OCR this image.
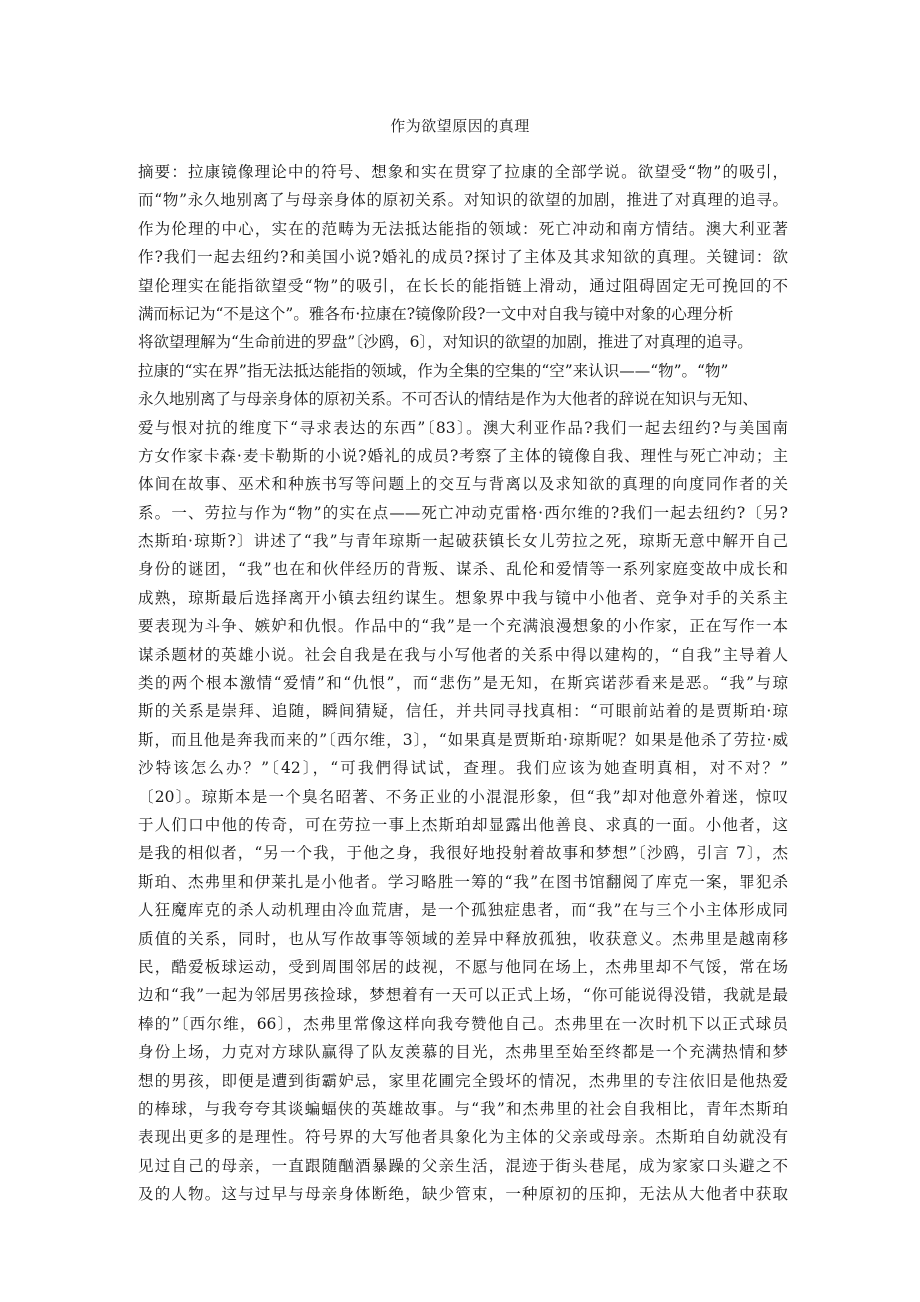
作为欲望原因的真理
摘要：拉康镜像理论中的符号、想象和实在贯穿了拉康的全部学说。欲望受“物”的吸引，
而“物”永久地别离了与母亲身体的原初关系。对知识的欲望的加剧，推进了对真理的追寻。
作为伦理的中心，实在的范畴为无法抵达能指的领域：死亡冲动和南方情结。澳大利亚著
作?我们一起去纽约?和美国小说?婚礼的成员?探讨了主体及其求知欲的真理。关键词：欲
望伦理实在能指欲望受“物”的吸引，在长长的能指链上滑动，通过阻碍固定无可挽回的不
满而标记为“不是这个”。雅各布·拉康在?镜像阶段?一文中对自我与镜中对象的心理分析
将欲望理解为“生命前进的罗盘”〔沙鸥，6〕，对知识的欲望的加剧，推进了对真理的追寻。
拉康的“实在界”指无法抵达能指的领域，作为全集的空集的“空”来认识——“物”。“物”
永久地别离了与母亲身体的原初关系。不可否认的情结是作为大他者的辞说在知识与无知、
爱与恨对抗的维度下“寻求表达的东西”〔83〕。澳大利亚作品?我们一起去纽约?与美国南
方女作家卡森·麦卡勒斯的小说?婚礼的成员?考察了主体的镜像自我、理性与死亡冲动；主
体间在故事、巫术和种族书写等问题上的交互与背离以及求知欲的真理的向度同作者的关
系。一、劳拉与作为“物”的实在点——死亡冲动克雷格·西尔维的?我们一起去纽约?〔另?
杰斯珀·琼斯?〕讲述了“我”与青年琼斯一起破获镇长女儿劳拉之死，琼斯无意中解开自己
身份的谜团，“我”也在和伙伴经历的背叛、谋杀、乱伦和爱情等一系列家庭变故中成长和
成熟，琼斯最后选择离开小镇去纽约谋生。想象界中我与镜中小他者、竞争对手的关系主
要表现为斗争、嫉妒和仇恨。作品中的“我”是一个充满浪漫想象的小作家，正在写作一本
谋杀题材的英雄小说。社会自我是在我与小写他者的关系中得以建构的，“自我”主导着人
类的两个根本激情“爱情”和“仇恨”，而“悲伤”是无知，在斯宾诺莎看来是恶。“我”与琼
斯的关系是崇拜、追随，瞬间猜疑，信任，并共同寻找真相：“可眼前站着的是贾斯珀·琼
斯，而且他是奔我而来的”〔西尔维，3〕，“如果真是贾斯珀·琼斯呢？如果是他杀了劳拉·威
沙特该怎么办？”〔42〕，“可我們得试试，查理。我们应该为她查明真相，对不对？”
〔20〕。琼斯本是一个臭名昭著、不务正业的小混混形象，但“我”却对他意外着迷，惊叹
于人们口中他的传奇，可在劳拉一事上杰斯珀却显露出他善良、求真的一面。小他者，这
是我的相似者，“另一个我，于他之身，我很好地投射着故事和梦想”〔沙鸥，引言 7〕，杰
斯珀、杰弗里和伊莱扎是小他者。学习略胜一筹的“我”在图书馆翻阅了库克一案，罪犯杀
人狂魔库克的杀人动机理由冷血荒唐，是一个孤独症患者，而“我”在与三个小主体形成同
质值的关系，同时，也从写作故事等领域的差异中释放孤独，收获意义。杰弗里是越南移
民，酷爱板球运动，受到周围邻居的歧视，不愿与他同在场上，杰弗里却不气馁，常在场
边和“我”一起为邻居男孩捡球，梦想着有一天可以正式上场，“你可能说得没错，我就是最
棒的”〔西尔维，66〕，杰弗里常像这样向我夸赞他自己。杰弗里在一次时机下以正式球员
身份上场，力克对方球队赢得了队友羡慕的目光，杰弗里至始至终都是一个充满热情和梦
想的男孩，即便是遭到街霸妒忌，家里花圃完全毁坏的情况，杰弗里的专注依旧是他热爱
的棒球，与我夸夸其谈蝙蝠侠的英雄故事。与“我”和杰弗里的社会自我相比，青年杰斯珀
表现出更多的是理性。符号界的大写他者具象化为主体的父亲或母亲。杰斯珀自幼就没有
见过自己的母亲，一直跟随酗酒暴躁的父亲生活，混迹于街头巷尾，成为家家口头避之不
及的人物。这与过早与母亲身体断绝，缺少管束，一种原初的压抑，无法从大他者中获取
